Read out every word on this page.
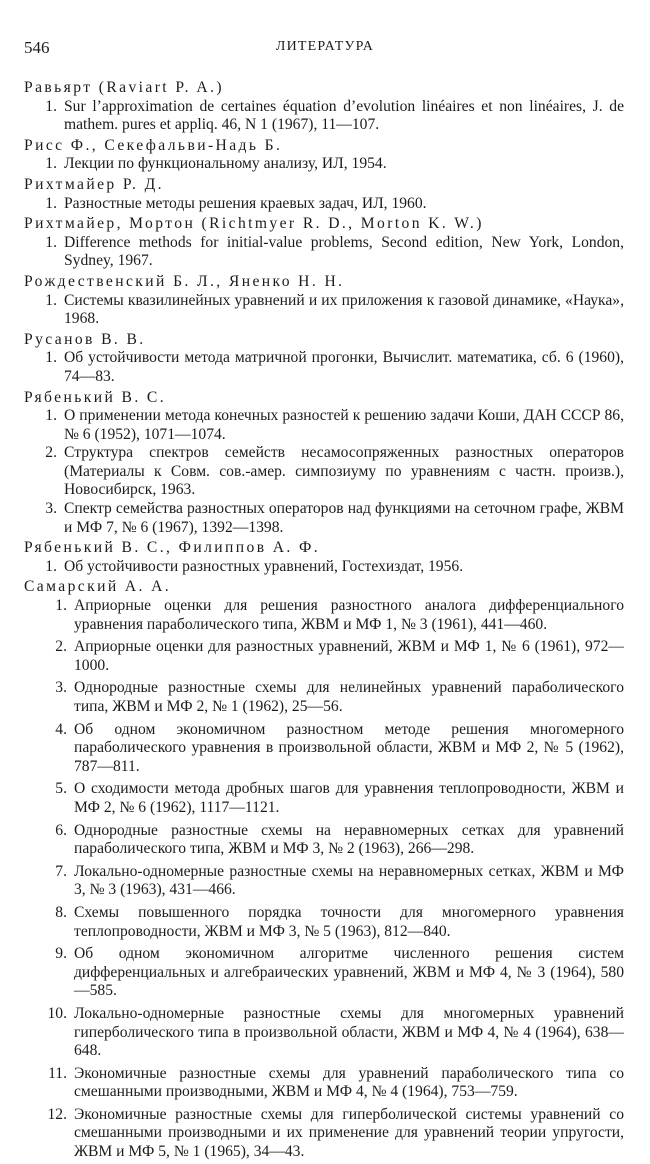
546	ЛИТЕРАТУРА
Равьярт (Raviart P. A.)
1. Sur l’approximation de certaines équation d’evolution linéaires et non linéaires, J. de mathem. pures et appliq. 46, N 1 (1967), 11—107.
Рисс Ф., Секефальви-Надь Б.
1. Лекции по функциональному анализу, ИЛ, 1954.
Рихтмайер Р. Д.
1. Разностные методы решения краевых задач, ИЛ, 1960.
Рихтмайер, Мортон (Richtmyer R. D., Morton K. W.)
1. Difference methods for initial-value problems, Second edition, New York, London, Sydney, 1967.
Рождественский Б. Л., Яненко Н. Н.
1. Системы квазилинейных уравнений и их приложения к газовой динамике, «Наука», 1968.
Русанов В. В.
1. Об устойчивости метода матричной прогонки, Вычислит. математика, сб. 6 (1960), 74—83.
Рябенький В. С.
1. О применении метода конечных разностей к решению задачи Коши, ДАН СССР 86, № 6 (1952), 1071—1074.
2. Структура спектров семейств несамосопряженных разностных операторов (Материалы к Совм. сов.-амер. симпозиуму по уравнениям с частн. произв.), Новосибирск, 1963.
3. Спектр семейства разностных операторов над функциями на сеточном графе, ЖВМ и МФ 7, № 6 (1967), 1392—1398.
Рябенький В. С., Филиппов А. Ф.
1. Об устойчивости разностных уравнений, Гостехиздат, 1956.
Самарский А. А.
1. Априорные оценки для решения разностного аналога дифференциального уравнения параболического типа, ЖВМ и МФ 1, № 3 (1961), 441—460.
2. Априорные оценки для разностных уравнений, ЖВМ и МФ 1, № 6 (1961), 972—1000.
3. Однородные разностные схемы для нелинейных уравнений параболического типа, ЖВМ и МФ 2, № 1 (1962), 25—56.
4. Об одном экономичном разностном методе решения многомерного параболического уравнения в произвольной области, ЖВМ и МФ 2, № 5 (1962), 787—811.
5. О сходимости метода дробных шагов для уравнения теплопроводности, ЖВМ и МФ 2, № 6 (1962), 1117—1121.
6. Однородные разностные схемы на неравномерных сетках для уравнений параболического типа, ЖВМ и МФ 3, № 2 (1963), 266—298.
7. Локально-одномерные разностные схемы на неравномерных сетках, ЖВМ и МФ 3, № 3 (1963), 431—466.
8. Схемы повышенного порядка точности для многомерного уравнения теплопроводности, ЖВМ и МФ 3, № 5 (1963), 812—840.
9. Об одном экономичном алгоритме численного решения систем дифференциальных и алгебраических уравнений, ЖВМ и МФ 4, № 3 (1964), 580—585.
10. Локально-одномерные разностные схемы для многомерных уравнений гиперболического типа в произвольной области, ЖВМ и МФ 4, № 4 (1964), 638—648.
11. Экономичные разностные схемы для уравнений параболического типа со смешанными производными, ЖВМ и МФ 4, № 4 (1964), 753—759.
12. Экономичные разностные схемы для гиперболической системы уравнений со смешанными производными и их применение для уравнений теории упругости, ЖВМ и МФ 5, № 1 (1965), 34—43.
